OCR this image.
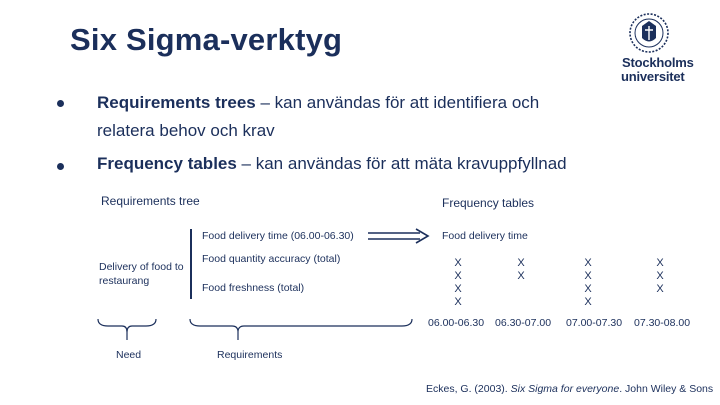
Six Sigma-verktyg
Stockholms
universitet
Requirements trees – kan användas för att identifiera och
relatera behov och krav
Frequency tables – kan användas för att mäta kravuppfyllnad
Requirements tree	Frequency tables
Food delivery time (06.00-06.30)
Delivery of food to restaurang
Food quantity accuracy (total)
Food freshness (total)
Food delivery time
X
X
X
X
06.00-06.30
X
X
06.30-07.00
X
X
X
X
07.00-07.30
X
X
X
07.30-08.00
Need	Requirements
Eckes, G. (2003). Six Sigma for everyone. John Wiley & Sons
